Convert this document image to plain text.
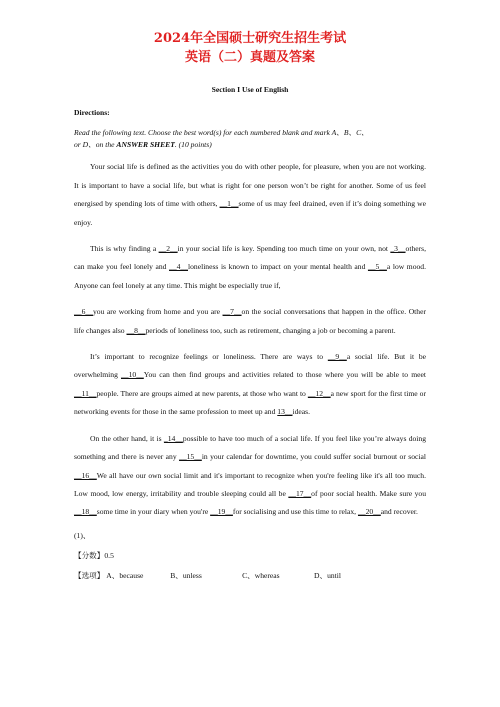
2024年全国硕士研究生招生考试
英语（二）真题及答案
Section I Use of English
Directions:
Read the following text. Choose the best word(s) for each numbered blank and mark A、B、C、
or D、on the ANSWER SHEET. (10 points)

Your social life is defined as the activities you do with other people, for pleasure, when you are not working. It is important to have a social life, but what is right for one person won’t be right for another. Some of us feel energised by spending lots of time with others, __1__some of us may feel drained, even if it’s doing something we enjoy.

This is why finding a __2__in your social life is key. Spending too much time on your own, not _3__others, can make you feel lonely and __4__loneliness is known to impact on your mental health and __5__a low mood. Anyone can feel lonely at any time. This might be especially true if,

__6__you are working from home and you are __7__on the social conversations that happen in the office. Other life changes also __8__periods of loneliness too, such as retirement, changing a job or becoming a parent.

It’s important to recognize feelings or loneliness. There are ways to __9__a social life. But it be overwhelming __10__You can then find groups and activities related to those where you will be able to meet __11__people. There are groups aimed at new parents, at those who want to __12__a new sport for the first time or networking events for those in the same profession to meet up and 13__ideas.

On the other hand, it is _14__possible to have too much of a social life. If you feel like you’re always doing something and there is never any __15__in your calendar for downtime, you could suffer social burnout or social __16__We all have our own social limit and it's important to recognize when you're feeling like it's all too much. Low mood, low energy, irritability and trouble sleeping could all be __17__of poor social health. Make sure you __18__some time in your diary when you're __19__for socialising and use this time to relax, __20__and recover.

(1)、
【分数】0.5
【选项】 A、because	B、unless	C、whereas	D、until
